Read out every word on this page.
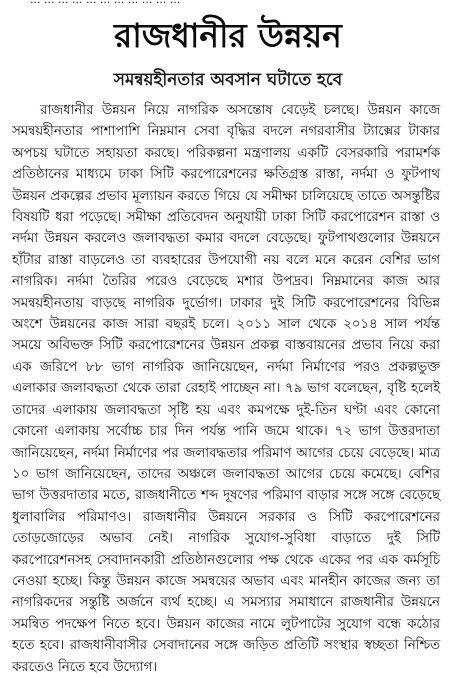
রাজধানীর উন্নয়ন
সমন্বয়হীনতার অবসান ঘটাতে হবে

রাজধানীর উন্নয়ন নিয়ে নাগরিক অসন্তোষ বেড়েই চলছে। উন্নয়ন কাজে সমন্বয়হীনতার পাশাপাশি নিম্নমান সেবা বৃদ্ধির বদলে নগরবাসীর ট্যাক্সের টাকার অপচয় ঘটাতে সহায়তা করছে। পরিকল্পনা মন্ত্রণালয় একটি বেসরকারি পরামর্শক প্রতিষ্ঠানের মাধ্যমে ঢাকা সিটি করপোরেশনের ক্ষতিগ্রস্ত রাস্তা, নর্দমা ও ফুটপাথ উন্নয়ন প্রকল্পের প্রভাব মূল্যায়ন করতে গিয়ে যে সমীক্ষা চালিয়েছে তাতে অসন্তুষ্টির বিষয়টি ধরা পড়েছে। সমীক্ষা প্রতিবেদন অনুযায়ী ঢাকা সিটি করপোরেশন রাস্তা ও নর্দমা উন্নয়ন করলেও জলাবদ্ধতা কমার বদলে বেড়েছে। ফুটপাথগুলোর উন্নয়নে হাঁটার রাস্তা বাড়লেও তা ব্যবহারের উপযোগী নয় বলে মনে করেন বেশির ভাগ নাগরিক। নর্দমা তৈরির পরেও বেড়েছে মশার উপদ্রব। নিম্নমানের কাজ আর সমন্বয়হীনতায় বাড়ছে নাগরিক দুর্ভোগ। ঢাকার দুই সিটি করপোরেশনের বিভিন্ন অংশে উন্নয়নের কাজ সারা বছরই চলে। ২০১১ সাল থেকে ২০১৪ সাল পর্যন্ত সময়ে অবিভক্ত সিটি করপোরেশনের উন্নয়ন প্রকল্প বাস্তবায়নের প্রভাব নিয়ে করা এক জরিপে ৮৮ ভাগ নাগরিক জানিয়েছেন, নর্দমা নির্মাণের পরও প্রকল্পভুক্ত এলাকার জলাবদ্ধতা থেকে তারা রেহাই পাচ্ছেন না। ৭৯ ভাগ বলেছেন, বৃষ্টি হলেই তাদের এলাকায় জলাবদ্ধতা সৃষ্টি হয় এবং কমপক্ষে দুই-তিন ঘণ্টা এবং কোনো কোনো এলাকায় সর্বোচ্চ চার দিন পর্যন্ত পানি জমে থাকে। ৭২ ভাগ উত্তরদাতা জানিয়েছেন, নর্দমা নির্মাণের পর জলাবদ্ধতার পরিমাণ আগের চেয়ে বেড়েছে। মাত্র ১০ ভাগ জানিয়েছেন, তাদের অঞ্চলে জলাবদ্ধতা আগের চেয়ে কমেছে। বেশির ভাগ উত্তরদাতার মতে, রাজধানীতে শব্দ দূষণের পরিমাণ বাড়ার সঙ্গে সঙ্গে বেড়েছে ধুলাবালির পরিমাণও। রাজধানীর উন্নয়নে সরকার ও সিটি করপোরেশনের তোড়জোড়ের অভাব নেই। নাগরিক সুযোগ-সুবিধা বাড়াতে দুই সিটি করপোরেশনসহ সেবাদানকারী প্রতিষ্ঠানগুলোর পক্ষ থেকে একের পর এক কর্মসূচি নেওয়া হচ্ছে। কিন্তু উন্নয়ন কাজে সমন্বয়ের অভাব এবং মানহীন কাজের জন্য তা নাগরিকদের সন্তুষ্টি অর্জনে ব্যর্থ হচ্ছে। এ সমস্যার সমাধানে রাজধানীর উন্নয়নে সমন্বিত পদক্ষেপ নিতে হবে। উন্নয়ন কাজের নামে লুটপাটের সুযোগ বন্ধে কঠোর হতে হবে। রাজধানীবাসীর সেবাদানের সঙ্গে জড়িত প্রতিটি সংস্থার স্বচ্ছতা নিশ্চিত করতেও নিতে হবে উদ্যোগ।
